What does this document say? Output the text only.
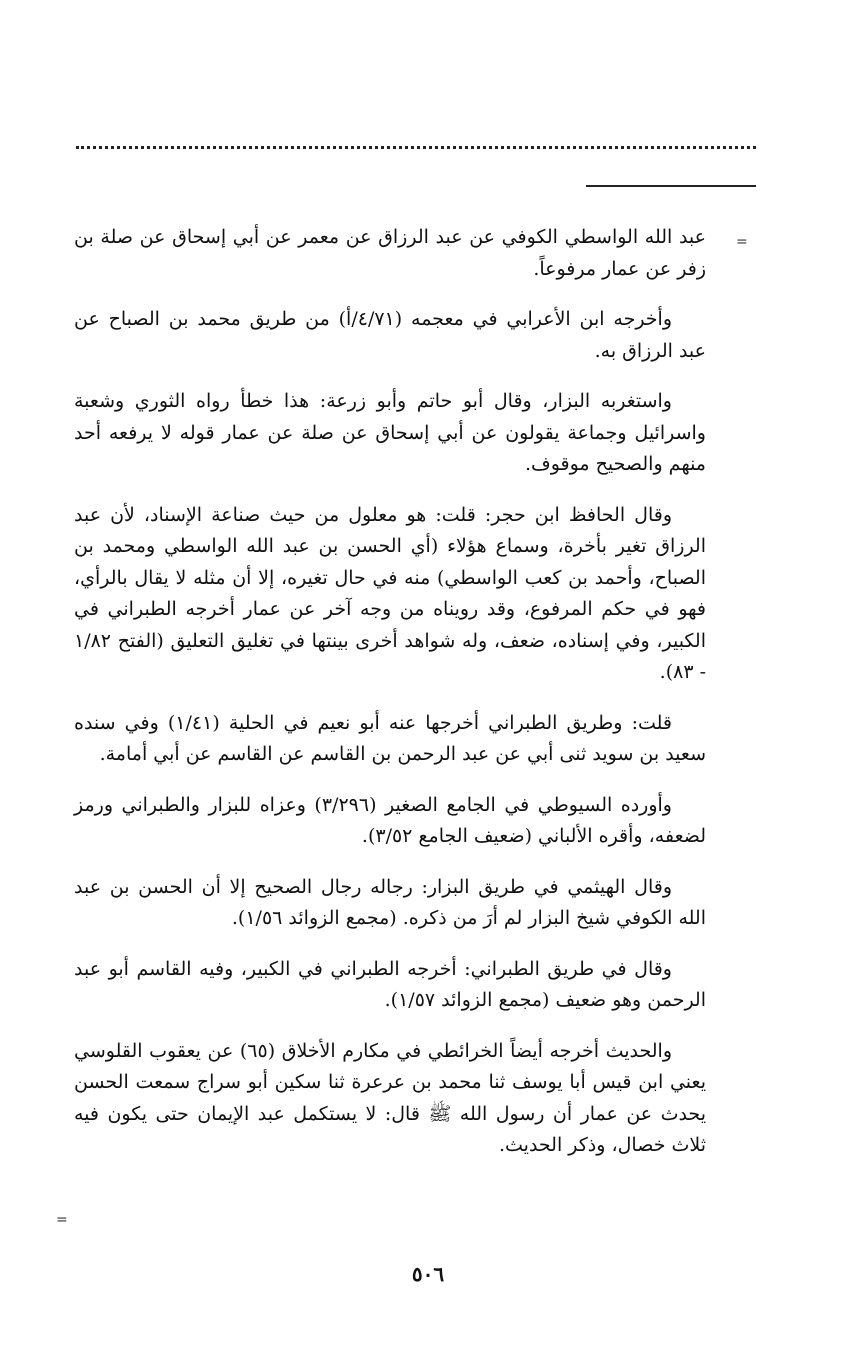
=
=

عبد الله الواسطي الكوفي عن عبد الرزاق عن معمر عن أبي إسحاق عن صلة بن زفر عن عمار مرفوعاً.

وأخرجه ابن الأعرابي في معجمه (٤/٧١/أ) من طريق محمد بن الصباح عن عبد الرزاق به.

واستغربه البزار، وقال أبو حاتم وأبو زرعة: هذا خطأ رواه الثوري وشعبة واسرائيل وجماعة يقولون عن أبي إسحاق عن صلة عن عمار قوله لا يرفعه أحد منهم والصحيح موقوف.

وقال الحافظ ابن حجر: قلت: هو معلول من حيث صناعة الإسناد، لأن عبد الرزاق تغير بأخرة، وسماع هؤلاء (أي الحسن بن عبد الله الواسطي ومحمد بن الصباح، وأحمد بن كعب الواسطي) منه في حال تغيره، إلا أن مثله لا يقال بالرأي، فهو في حكم المرفوع، وقد رويناه من وجه آخر عن عمار أخرجه الطبراني في الكبير، وفي إسناده، ضعف، وله شواهد أخرى بينتها في تغليق التعليق (الفتح ١/٨٢ - ٨٣).

قلت: وطريق الطبراني أخرجها عنه أبو نعيم في الحلية (١/٤١) وفي سنده سعيد بن سويد ثنى أبي عن عبد الرحمن بن القاسم عن القاسم عن أبي أمامة.

وأورده السيوطي في الجامع الصغير (٣/٢٩٦) وعزاه للبزار والطبراني ورمز لضعفه، وأقره الألباني (ضعيف الجامع ٣/٥٢).

وقال الهيثمي في طريق البزار: رجاله رجال الصحيح إلا أن الحسن بن عبد الله الكوفي شيخ البزار لم أرَ من ذكره. (مجمع الزوائد ١/٥٦).

وقال في طريق الطبراني: أخرجه الطبراني في الكبير، وفيه القاسم أبو عبد الرحمن وهو ضعيف (مجمع الزوائد ١/٥٧).

والحديث أخرجه أيضاً الخرائطي في مكارم الأخلاق (٦٥) عن يعقوب القلوسي يعني ابن قيس أبا يوسف ثنا محمد بن عرعرة ثنا سكين أبو سراج سمعت الحسن يحدث عن عمار أن رسول الله ﷺ قال: لا يستكمل عبد الإيمان حتى يكون فيه ثلاث خصال، وذكر الحديث.

٥٠٦
